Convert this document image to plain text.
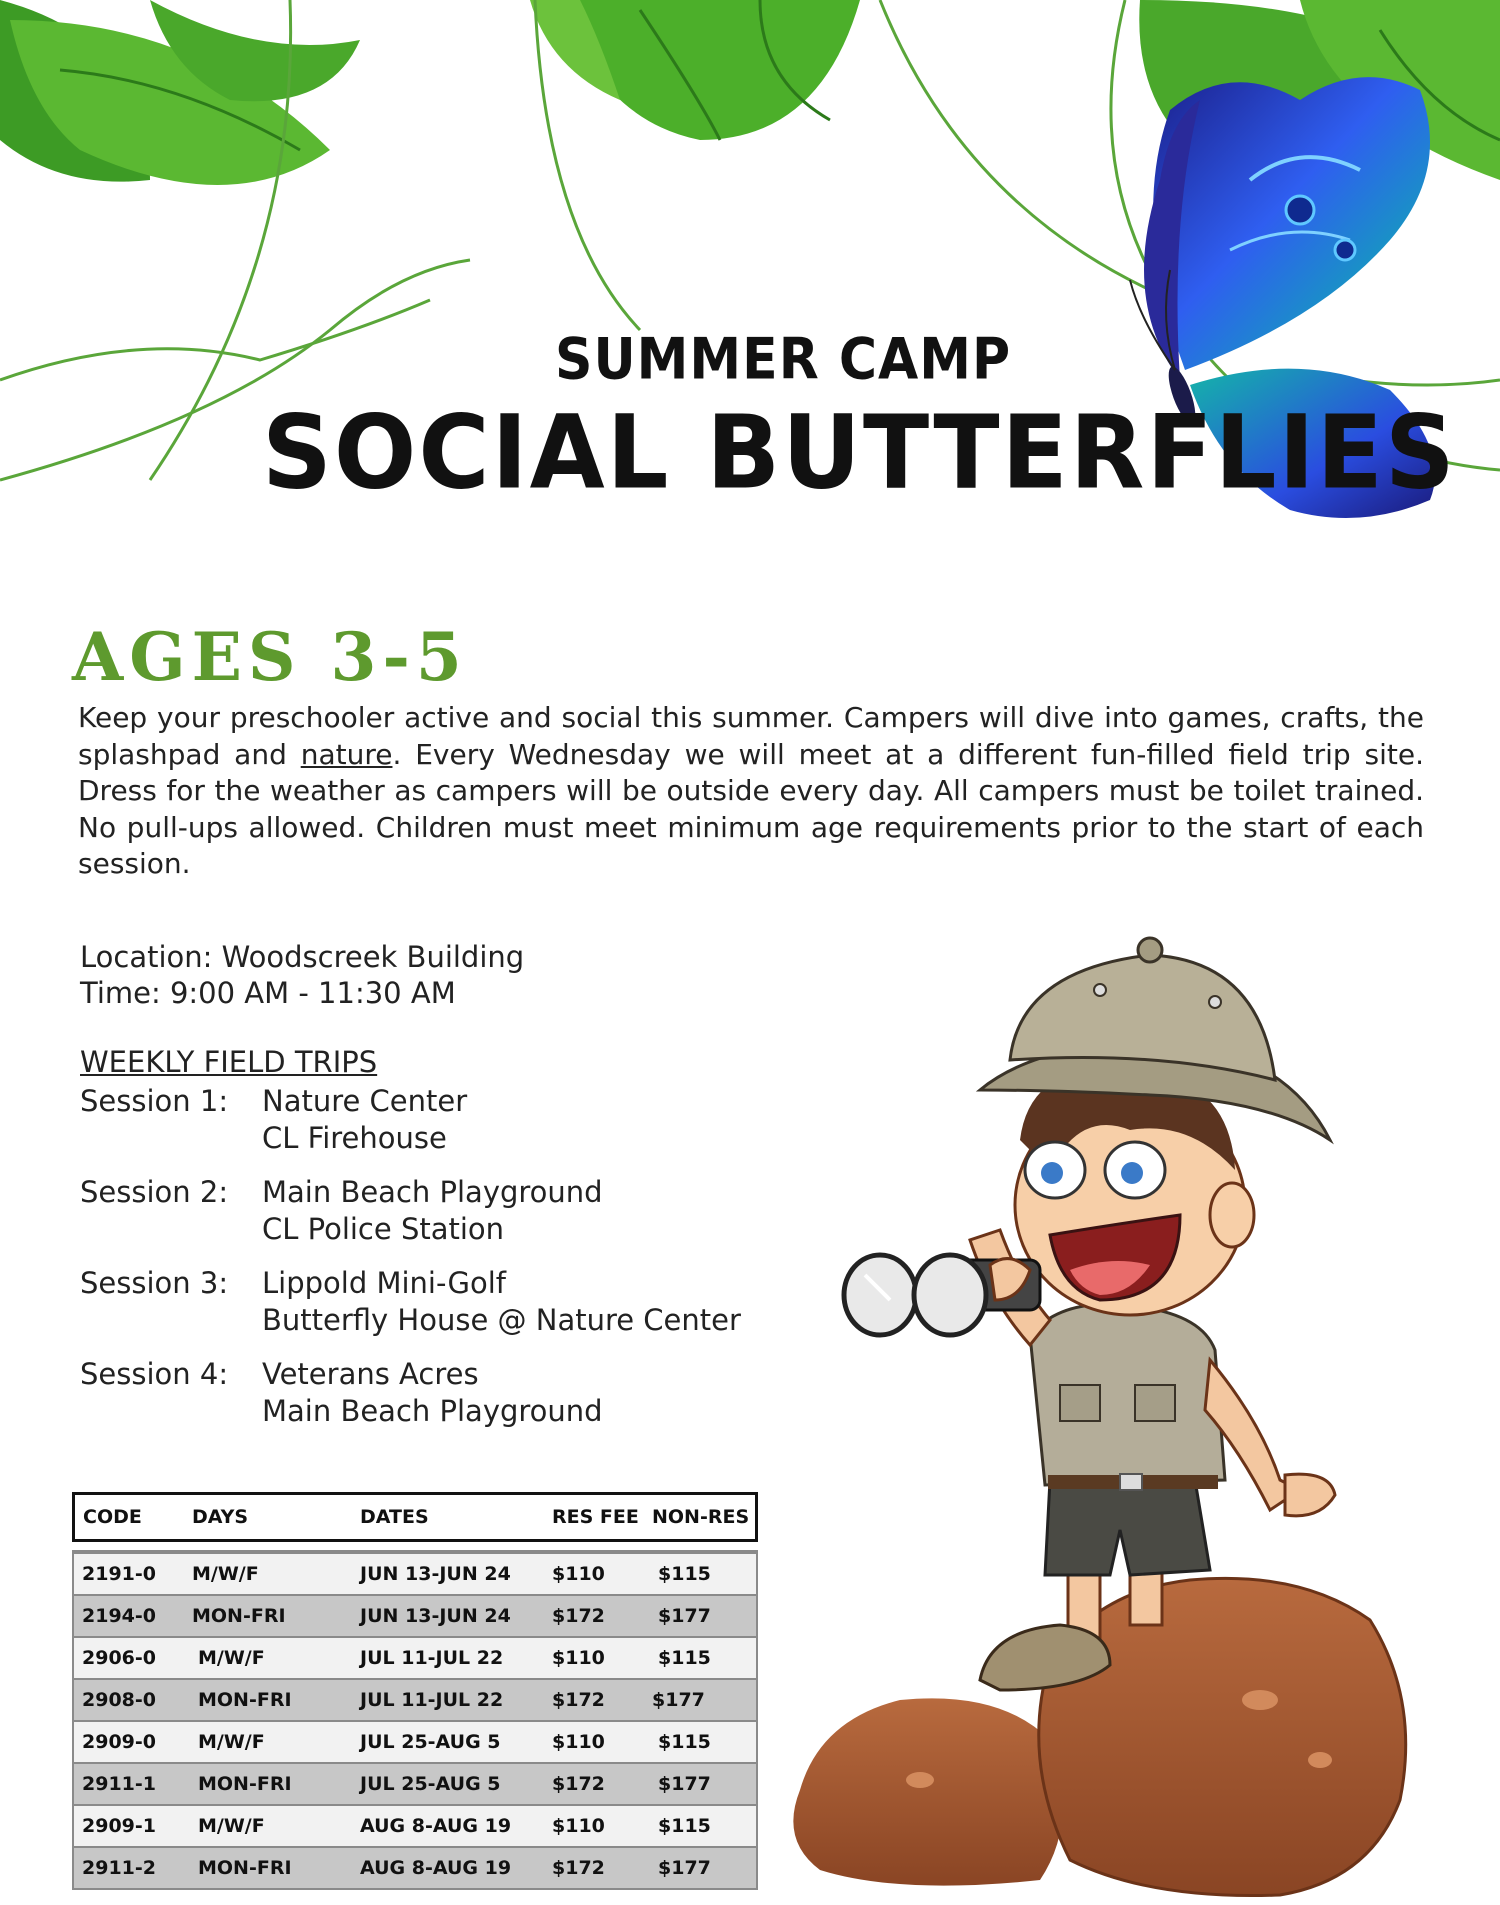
SUMMER CAMP
SOCIAL BUTTERFLIES
AGES 3-5
Keep your preschooler active and social this summer. Campers will dive into games, crafts, the splashpad and nature. Every Wednesday we will meet at a different fun-filled field trip site. Dress for the weather as campers will be outside every day. All campers must be toilet trained. No pull-ups allowed. Children must meet minimum age requirements prior to the start of each session.
Location: Woodscreek Building
Time: 9:00 AM - 11:30 AM
WEEKLY FIELD TRIPS
Session 1: Nature Center
CL Firehouse
Session 2: Main Beach Playground
CL Police Station
Session 3: Lippold Mini-Golf
Butterfly House @ Nature Center
Session 4: Veterans Acres
Main Beach Playground
CODE	DAYS	DATES	RES FEE	NON-RES

2191-0	M/W/F	JUN 13-JUN 24	$110	$115
2194-0	MON-FRI	JUN 13-JUN 24	$172	$177
2906-0	M/W/F	JUL 11-JUL 22	$110	$115
2908-0	MON-FRI	JUL 11-JUL 22	$172	$177
2909-0	M/W/F	JUL 25-AUG 5	$110	$115
2911-1	MON-FRI	JUL 25-AUG 5	$172	$177
2909-1	M/W/F	AUG 8-AUG 19	$110	$115
2911-2	MON-FRI	AUG 8-AUG 19	$172	$177
